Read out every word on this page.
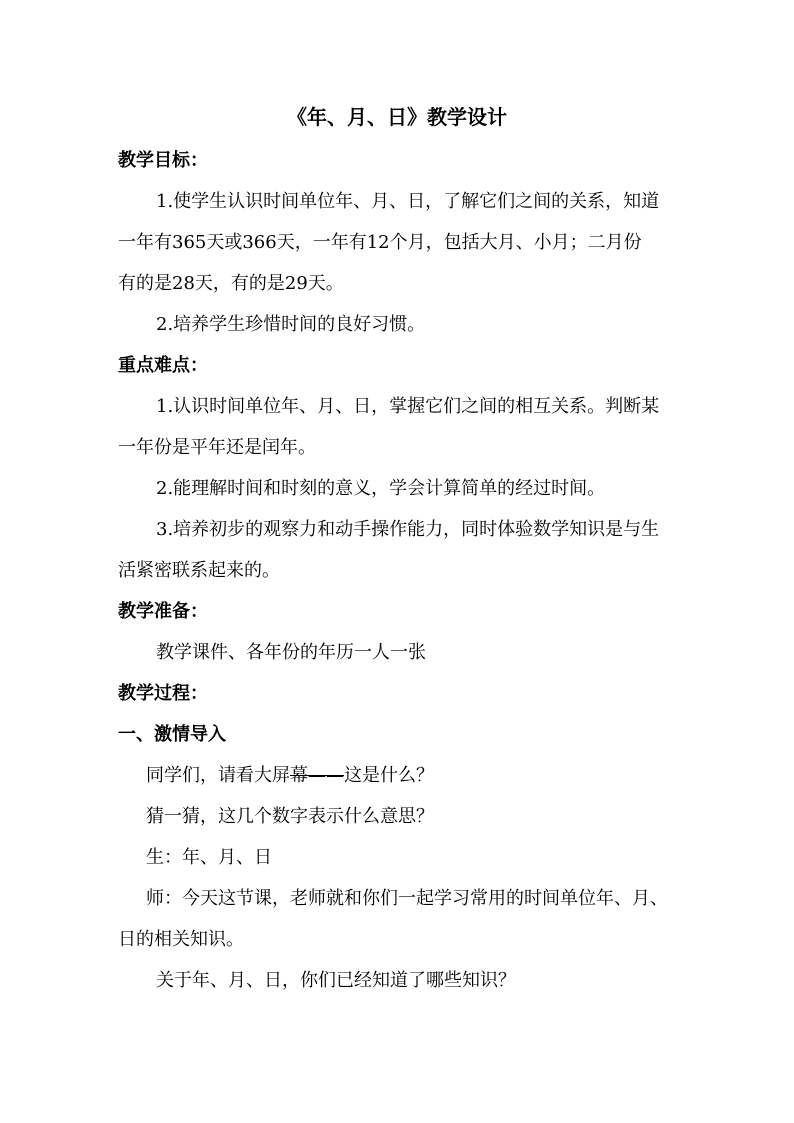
《年、月、日》教学设计
教学目标：
1.使学生认识时间单位年、月、日，了解它们之间的关系，知道
一年有365天或366天，一年有12个月，包括大月、小月；二月份
有的是28天，有的是29天。
2.培养学生珍惜时间的良好习惯。
重点难点：
1.认识时间单位年、月、日，掌握它们之间的相互关系。判断某
一年份是平年还是闰年。
2.能理解时间和时刻的意义，学会计算简单的经过时间。
3.培养初步的观察力和动手操作能力，同时体验数学知识是与生
活紧密联系起来的。
教学准备：
教学课件、各年份的年历一人一张
教学过程：
一、激情导入
同学们，请看大屏幕——这是什么？
猜一猜，这几个数字表示什么意思？
生：年、月、日
师：今天这节课，老师就和你们一起学习常用的时间单位年、月、
日的相关知识。
关于年、月、日，你们已经知道了哪些知识？
